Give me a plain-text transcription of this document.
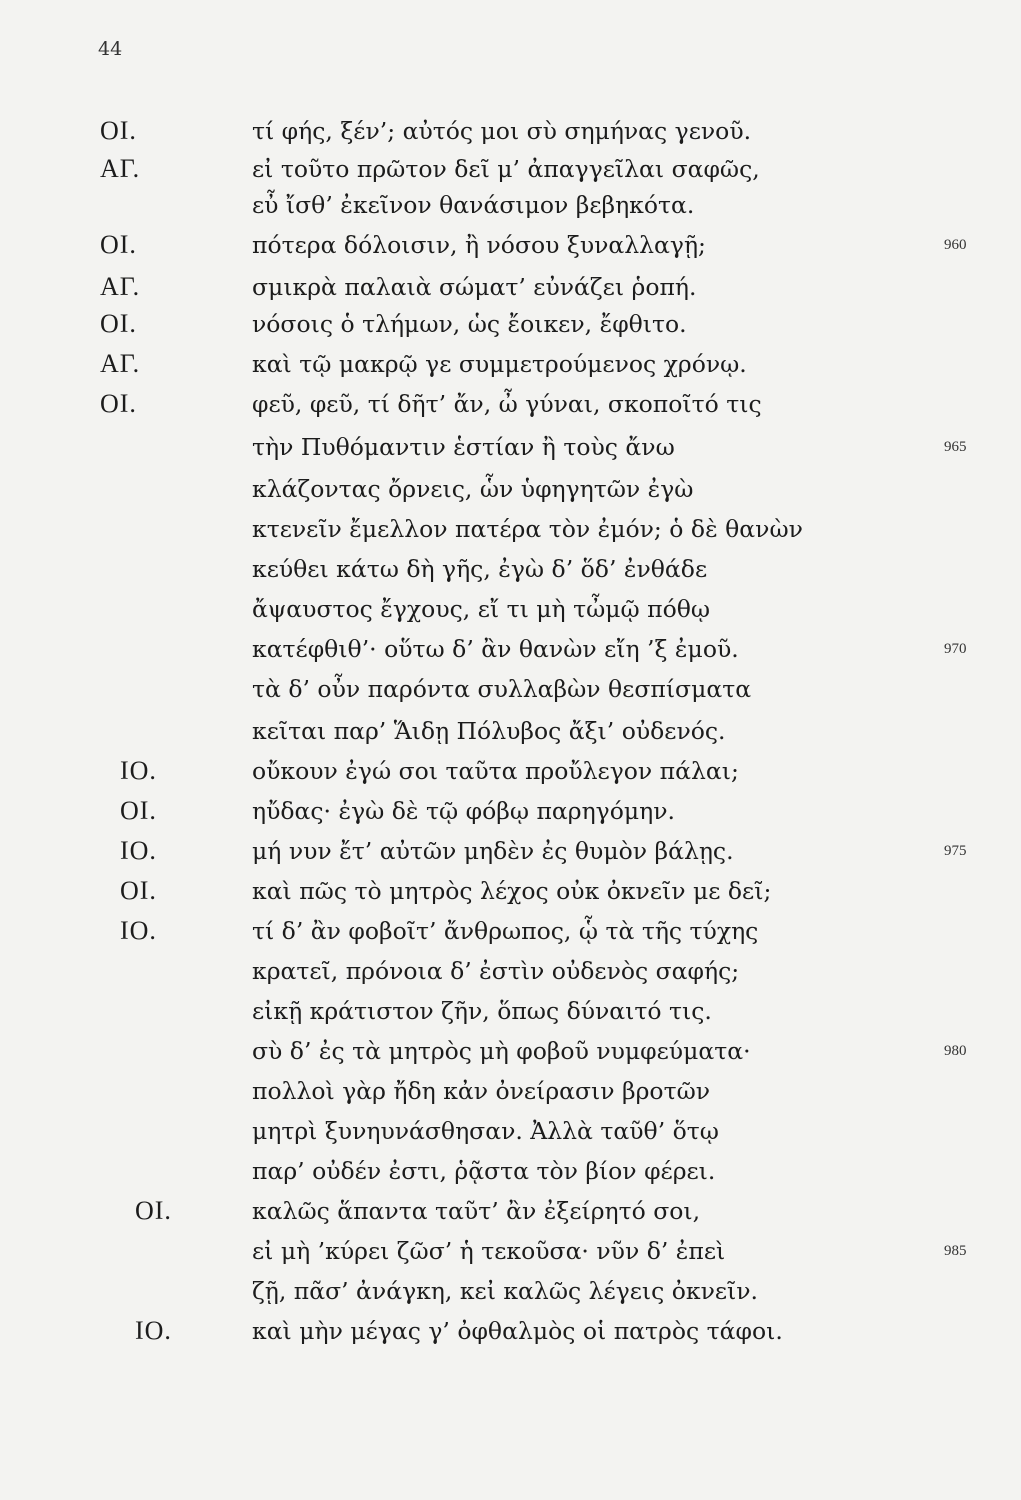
44
ΟΙ.	τί φής, ξέν’; αὐτός μοι σὺ σημήνας γενοῦ.
ΑΓ.	εἰ τοῦτο πρῶτον δεῖ μ’ ἀπαγγεῖλαι σαφῶς,
εὖ ἴσθ’ ἐκεῖνον θανάσιμον βεβηκότα.
ΟΙ.	πότερα δόλοισιν, ἢ νόσου ξυναλλαγῇ;	960
ΑΓ.	σμικρὰ παλαιὰ σώματ’ εὐνάζει ῥοπή.
ΟΙ.	νόσοις ὁ τλήμων, ὡς ἔοικεν, ἔφθιτο.
ΑΓ.	καὶ τῷ μακρῷ γε συμμετρούμενος χρόνῳ.
ΟΙ.	φεῦ, φεῦ, τί δῆτ’ ἄν, ὦ γύναι, σκοποῖτό τις
τὴν Πυθόμαντιν ἑστίαν ἢ τοὺς ἄνω	965
κλάζοντας ὄρνεις, ὧν ὑφηγητῶν ἐγὼ
κτενεῖν ἔμελλον πατέρα τὸν ἐμόν; ὁ δὲ θανὼν
κεύθει κάτω δὴ γῆς, ἐγὼ δ’ ὅδ’ ἐνθάδε
ἄψαυστος ἔγχους, εἴ τι μὴ τὦμῷ πόθῳ
κατέφθιθ’· οὕτω δ’ ἂν θανὼν εἴη ’ξ ἐμοῦ.	970
τὰ δ’ οὖν παρόντα συλλαβὼν θεσπίσματα
κεῖται παρ’ Ἅιδῃ Πόλυβος ἄξι’ οὐδενός.
ΙΟ.	οὔκουν ἐγώ σοι ταῦτα προὔλεγον πάλαι;
ΟΙ.	ηὔδας· ἐγὼ δὲ τῷ φόβῳ παρηγόμην.
ΙΟ.	μή νυν ἔτ’ αὐτῶν μηδὲν ἐς θυμὸν βάλῃς.	975
ΟΙ.	καὶ πῶς τὸ μητρὸς λέχος οὐκ ὀκνεῖν με δεῖ;
ΙΟ.	τί δ’ ἂν φοβοῖτ’ ἄνθρωπος, ᾧ τὰ τῆς τύχης
κρατεῖ, πρόνοια δ’ ἐστὶν οὐδενὸς σαφής;
εἰκῇ κράτιστον ζῆν, ὅπως δύναιτό τις.
σὺ δ’ ἐς τὰ μητρὸς μὴ φοβοῦ νυμφεύματα·	980
πολλοὶ γὰρ ἤδη κἀν ὀνείρασιν βροτῶν
μητρὶ ξυνηυνάσθησαν. Ἀλλὰ ταῦθ’ ὅτῳ
παρ’ οὐδέν ἐστι, ῥᾷστα τὸν βίον φέρει.
ΟΙ.	καλῶς ἅπαντα ταῦτ’ ἂν ἐξείρητό σοι,
εἰ μὴ ’κύρει ζῶσ’ ἡ τεκοῦσα· νῦν δ’ ἐπεὶ	985
ζῇ, πᾶσ’ ἀνάγκη, κεἰ καλῶς λέγεις ὀκνεῖν.
ΙΟ.	καὶ μὴν μέγας γ’ ὀφθαλμὸς οἱ πατρὸς τάφοι.
